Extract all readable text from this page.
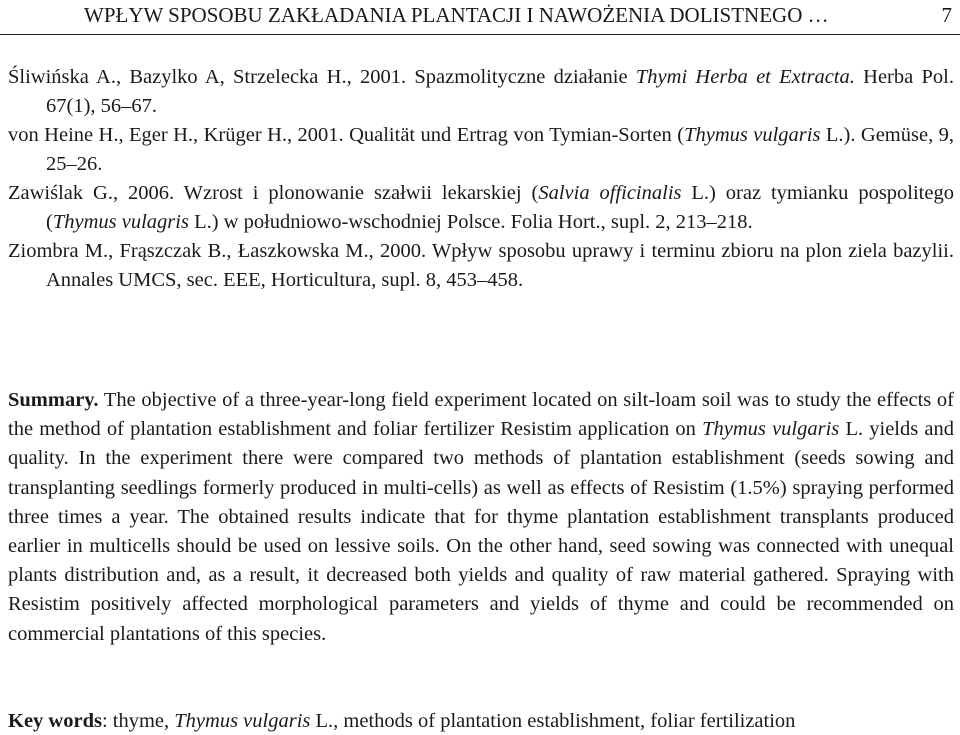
WPŁYW SPOSOBU ZAKŁADANIA PLANTACJI I NAWOŻENIA DOLISTNEGO …	7

Śliwińska A., Bazylko A, Strzelecka H., 2001. Spazmolityczne działanie Thymi Herba et Extracta. Herba Pol. 67(1), 56–67.

von Heine H., Eger H., Krüger H., 2001. Qualität und Ertrag von Tymian-Sorten (Thymus vulgaris L.). Gemüse, 9, 25–26.

Zawiślak G., 2006. Wzrost i plonowanie szałwii lekarskiej (Salvia officinalis L.) oraz tymianku pospolitego (Thymus vulagris L.) w południowo-wschodniej Polsce. Folia Hort., supl. 2, 213–218.

Ziombra M., Frąszczak B., Łaszkowska M., 2000. Wpływ sposobu uprawy i terminu zbioru na plon ziela bazylii. Annales UMCS, sec. EEE, Horticultura, supl. 8, 453–458.

Summary. The objective of a three-year-long field experiment located on silt-loam soil was to study the effects of the method of plantation establishment and foliar fertilizer Resistim application on Thymus vulgaris L. yields and quality. In the experiment there were compared two methods of plantation establishment (seeds sowing and transplanting seedlings formerly produced in multi-cells) as well as effects of Resistim (1.5%) spraying performed three times a year. The obtained results indicate that for thyme plantation establishment transplants produced earlier in multicells should be used on lessive soils. On the other hand, seed sowing was connected with unequal plants distribution and, as a result, it decreased both yields and quality of raw material gathered. Spraying with Resistim positively affected morphological parameters and yields of thyme and could be recommended on commercial plantations of this species.

Key words: thyme, Thymus vulgaris L., methods of plantation establishment, foliar fertilization
